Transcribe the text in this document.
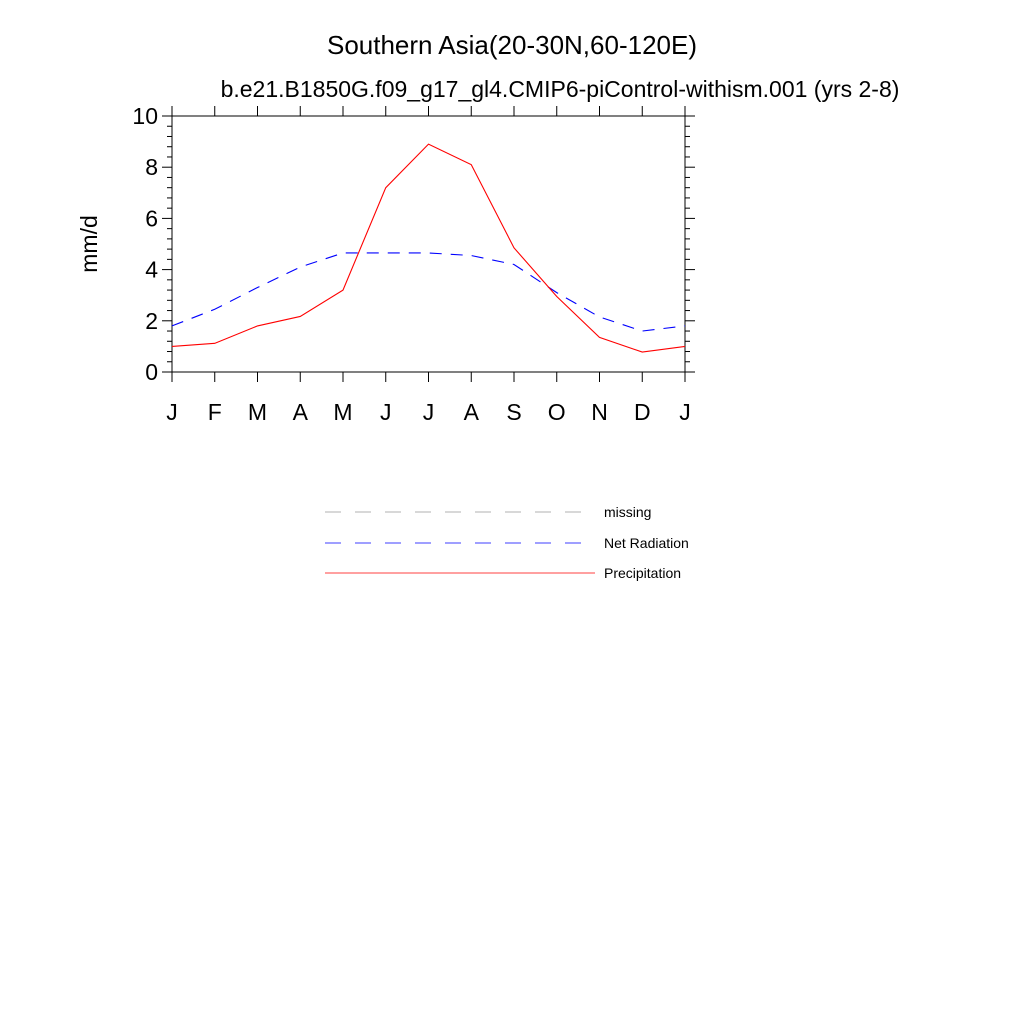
Southern Asia(20-30N,60-120E)
b.e21.B1850G.f09_g17_gl4.CMIP6-piControl-withism.001 (yrs 2-8)
mm/d
J F M A M J J A S O N D J
0
2
4
6
8
10
missing
Net Radiation
Precipitation
